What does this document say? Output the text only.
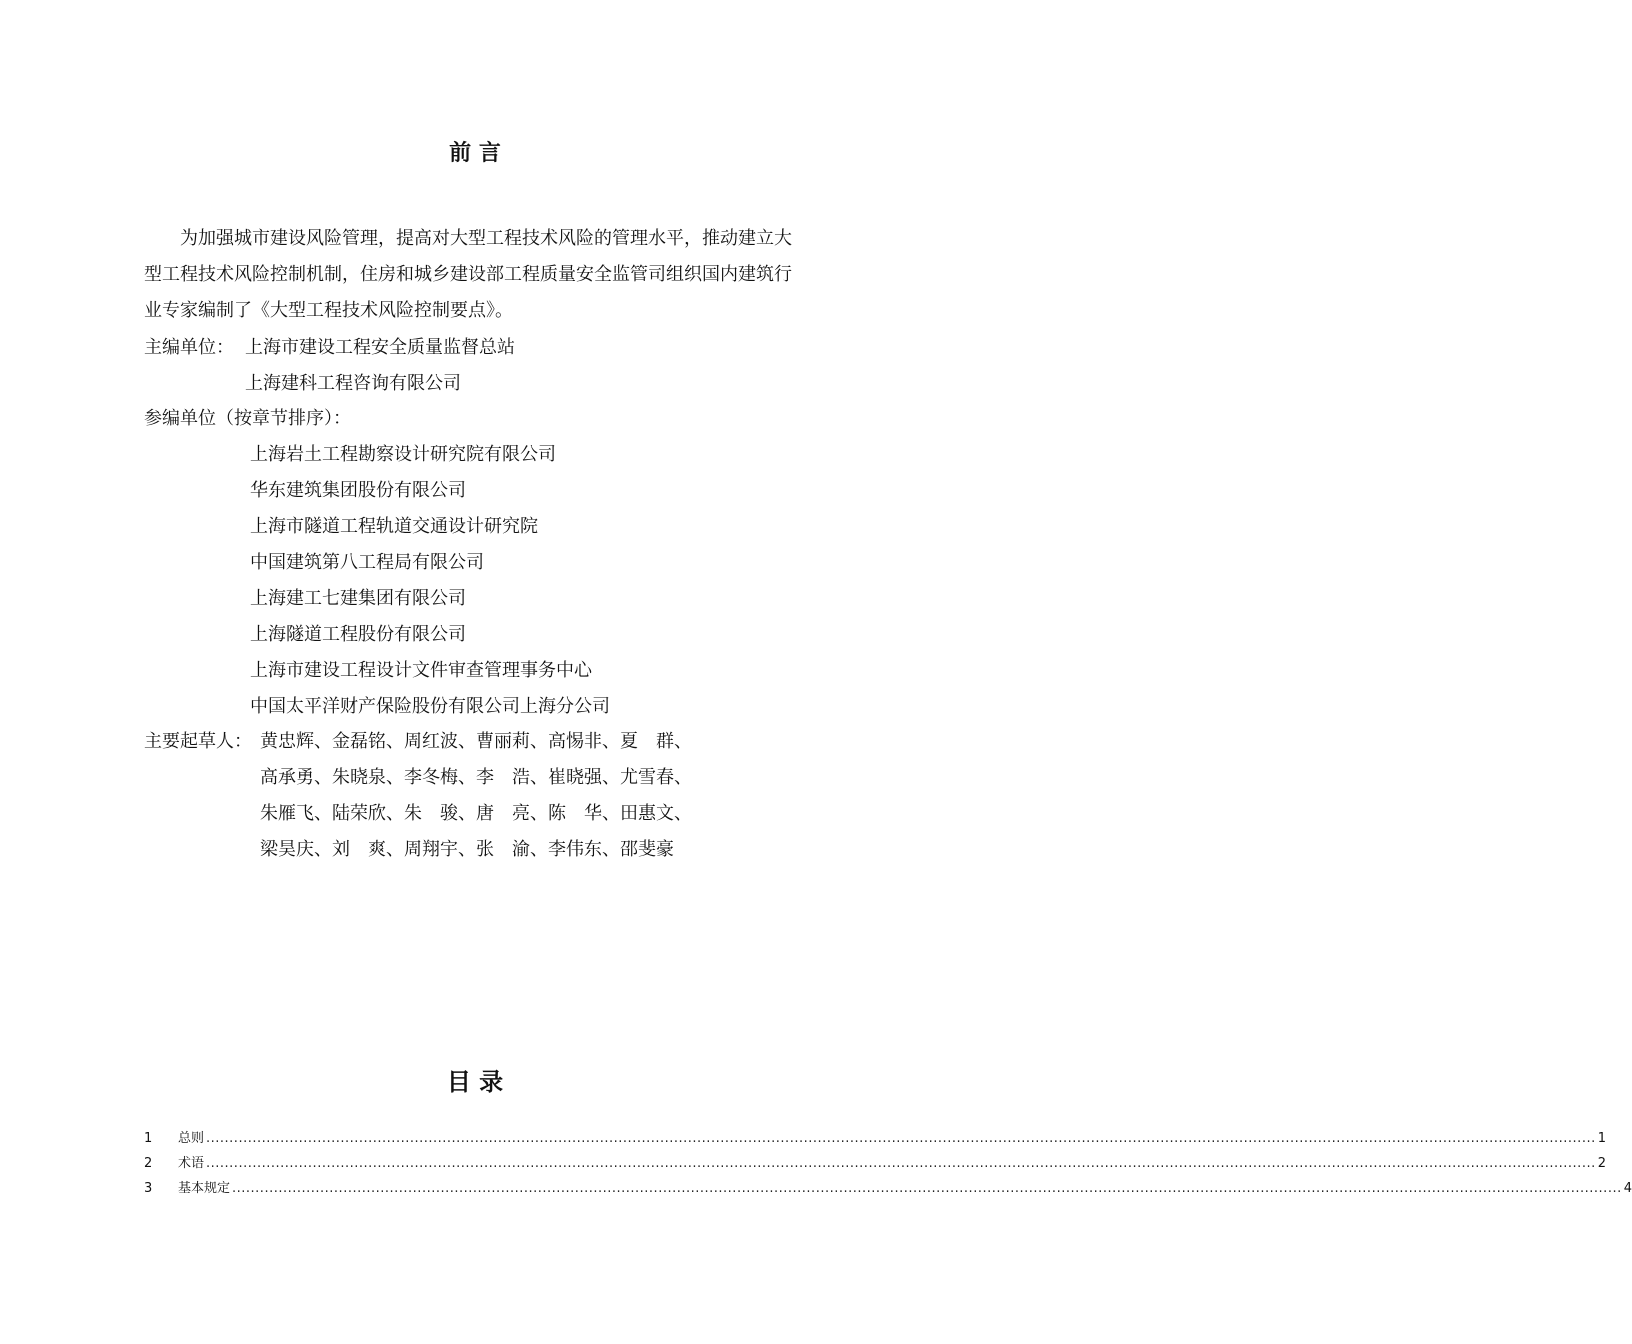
前 言

为加强城市建设风险管理，提高对大型工程技术风险的管理水平，推动建立大型工程技术风险控制机制，住房和城乡建设部工程质量安全监管司组织国内建筑行业专家编制了《大型工程技术风险控制要点》。

主编单位： 上海市建设工程安全质量监督总站
上海建科工程咨询有限公司
参编单位（按章节排序）：
上海岩土工程勘察设计研究院有限公司
华东建筑集团股份有限公司
上海市隧道工程轨道交通设计研究院
中国建筑第八工程局有限公司
上海建工七建集团有限公司
上海隧道工程股份有限公司
上海市建设工程设计文件审查管理事务中心
中国太平洋财产保险股份有限公司上海分公司
主要起草人： 黄忠辉、金磊铭、周红波、曹丽莉、高惕非、夏　群、
高承勇、朱晓泉、李冬梅、李　浩、崔晓强、尤雪春、
朱雁飞、陆荣欣、朱　骏、唐　亮、陈　华、田惠文、
梁昊庆、刘　爽、周翔宇、张　渝、李伟东、邵斐豪
目 录
1	总则 ............................................................................................................................................................................................................................................................................................................ 1
2	术语 ............................................................................................................................................................................................................................................................................................................ 2
3	基本规定 ............................................................................................................................................................................................................................................................................................................ 4
